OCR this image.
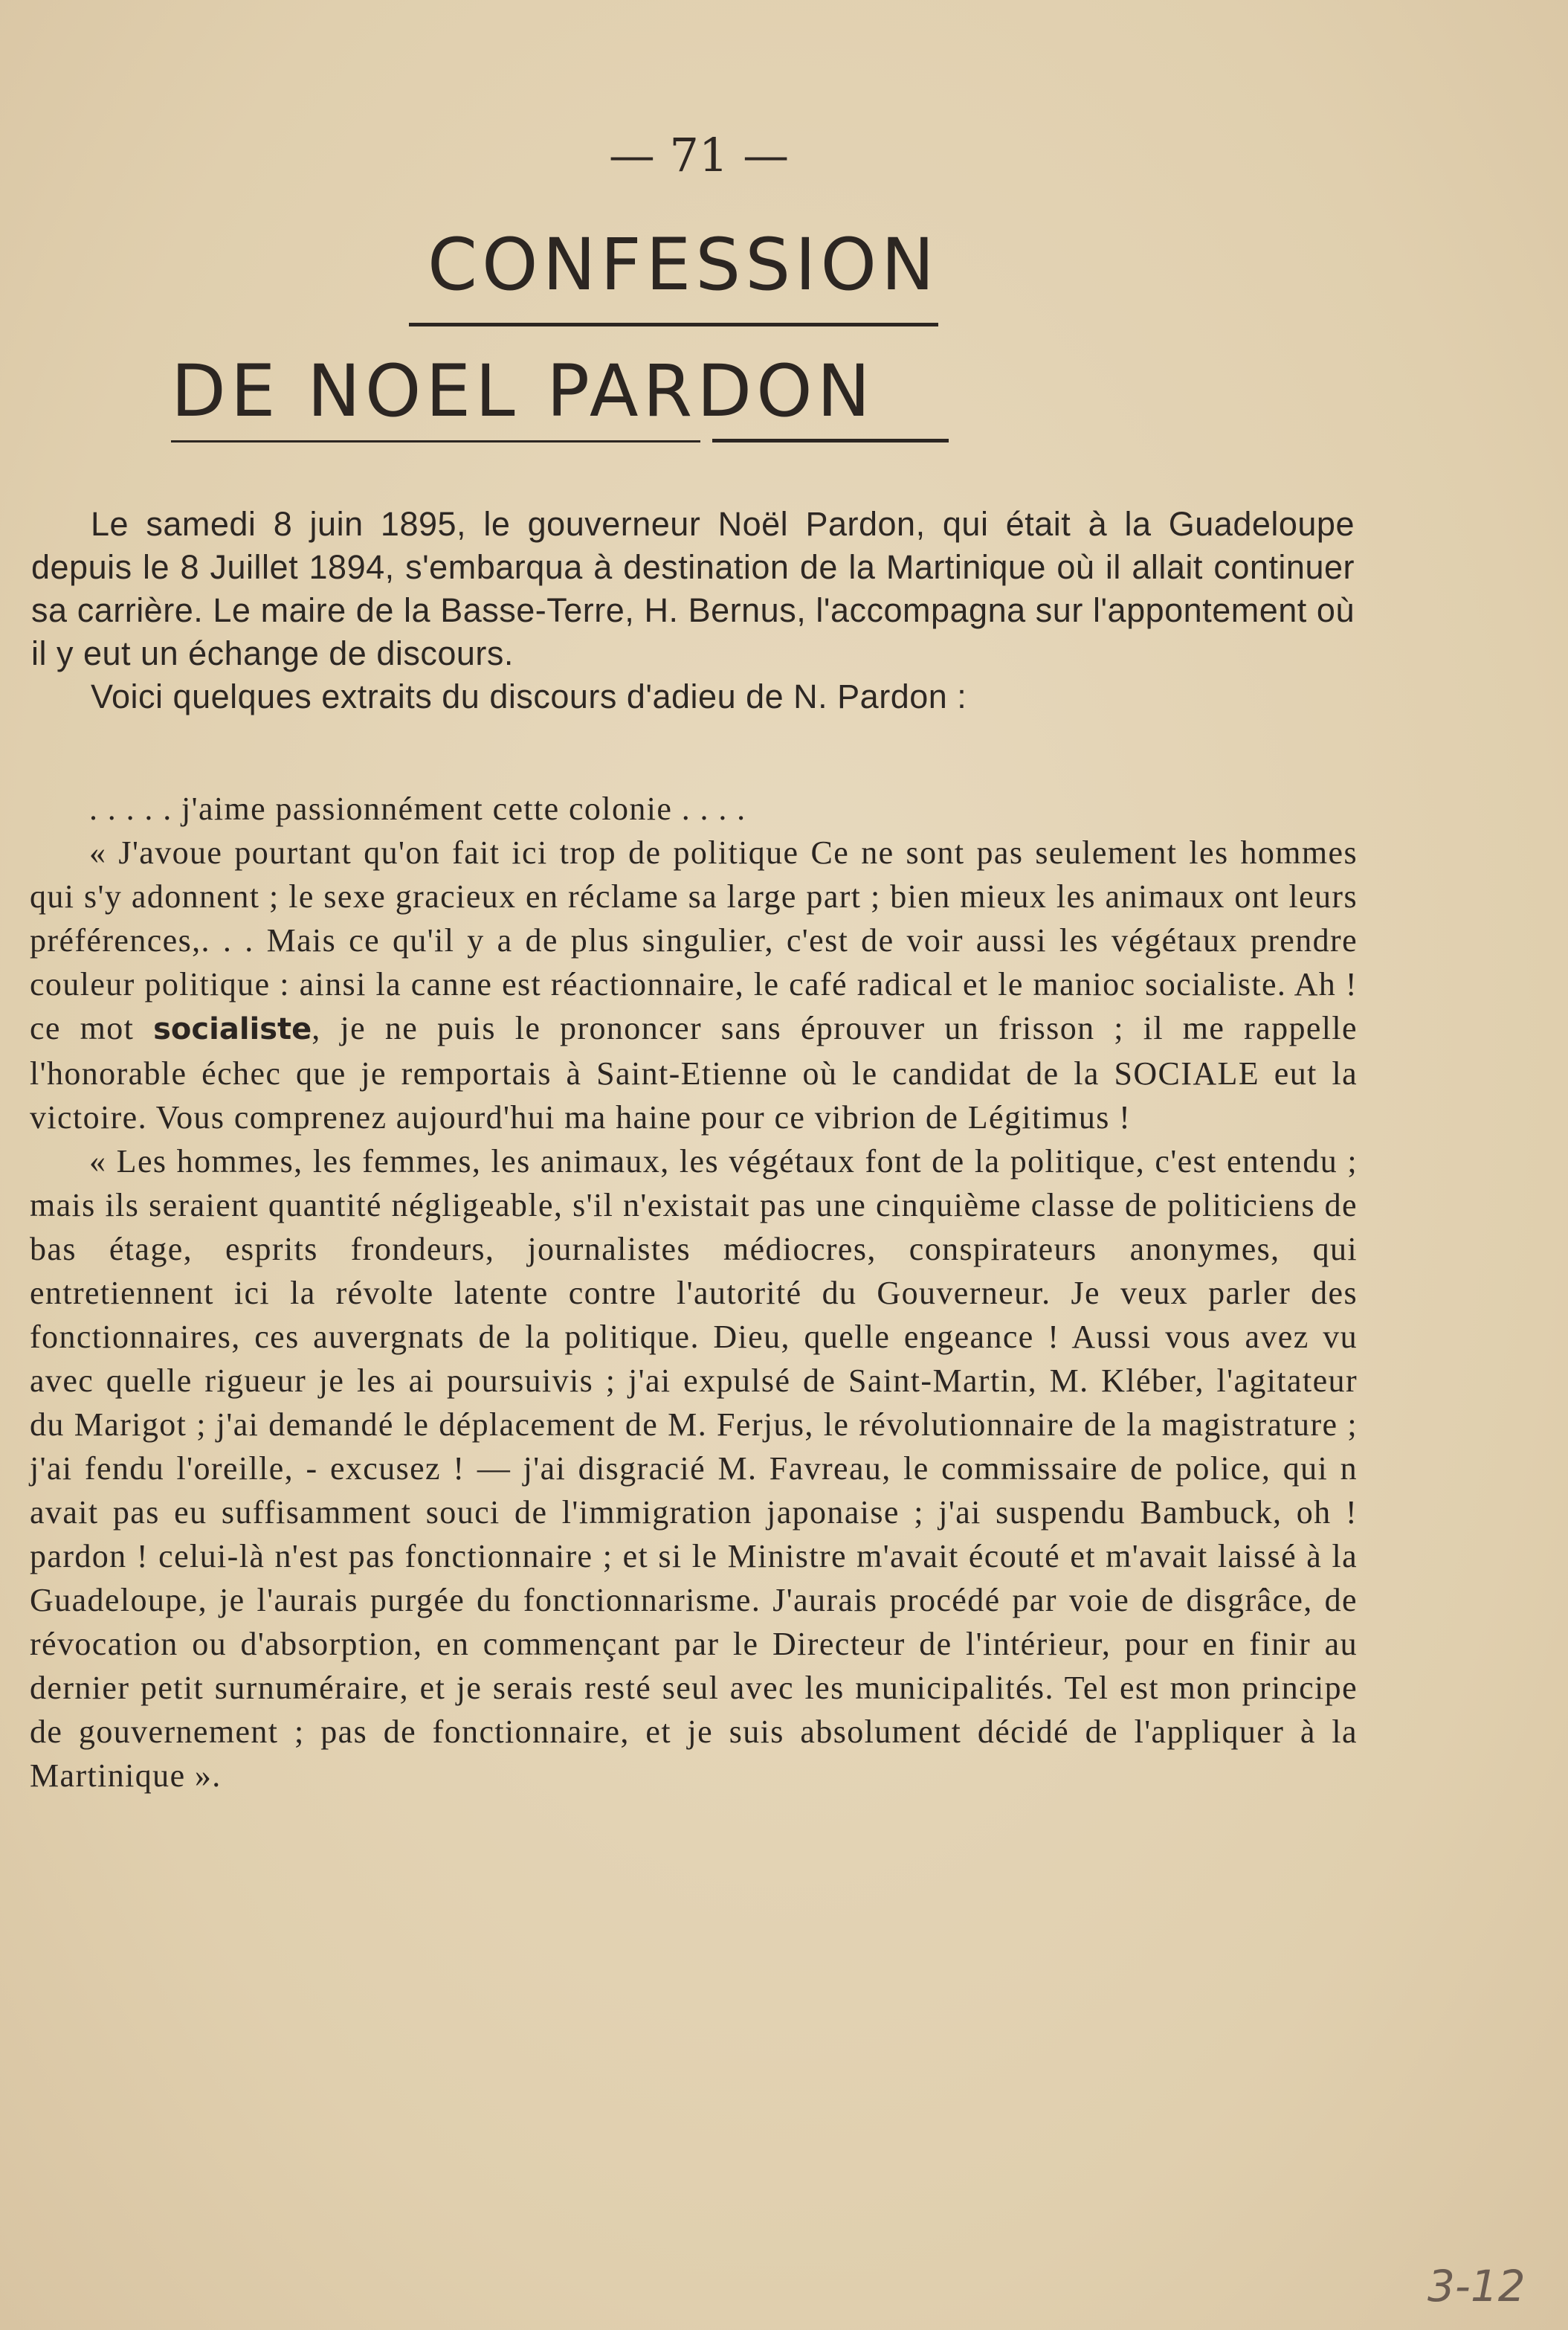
— 71 —
CONFESSION
DE NOEL PARDON

Le samedi 8 juin 1895, le gouverneur Noël Pardon, qui était à la Guadeloupe depuis le 8 Juillet 1894, s'embarqua à destination de la Martinique où il allait continuer sa carrière. Le maire de la Basse-Terre, H. Bernus, l'accompagna sur l'appontement où il y eut un échange de discours.

Voici quelques extraits du discours d'adieu de N. Pardon :

. . . . . j'aime passionnément cette colonie . . . .

« J'avoue pourtant qu'on fait ici trop de politique Ce ne sont pas seulement les hommes qui s'y adonnent ; le sexe gracieux en réclame sa large part ; bien mieux les animaux ont leurs préférences,. . . Mais ce qu'il y a de plus singulier, c'est de voir aussi les végétaux prendre couleur politique : ainsi la canne est réactionnaire, le café radical et le manioc socialiste. Ah ! ce mot socialiste, je ne puis le prononcer sans éprouver un frisson ; il me rappelle l'honorable échec que je remportais à Saint-Etienne où le candidat de la SOCIALE eut la victoire. Vous comprenez aujourd'hui ma haine pour ce vibrion de Légitimus !

« Les hommes, les femmes, les animaux, les végétaux font de la politique, c'est entendu ; mais ils seraient quantité négligeable, s'il n'existait pas une cinquième classe de politiciens de bas étage, esprits frondeurs, journalistes médiocres, conspirateurs anonymes, qui entretiennent ici la révolte latente contre l'autorité du Gouverneur. Je veux parler des fonctionnaires, ces auvergnats de la politique. Dieu, quelle engeance ! Aussi vous avez vu avec quelle rigueur je les ai poursuivis ; j'ai expulsé de Saint-Martin, M. Kléber, l'agitateur du Marigot ; j'ai demandé le déplacement de M. Ferjus, le révolutionnaire de la magistrature ; j'ai fendu l'oreille, - excusez ! — j'ai disgracié M. Favreau, le commissaire de police, qui n avait pas eu suffisamment souci de l'immigration japonaise ; j'ai suspendu Bambuck, oh ! pardon ! celui-là n'est pas fonctionnaire ; et si le Ministre m'avait écouté et m'avait laissé à la Guadeloupe, je l'aurais purgée du fonctionnarisme. J'aurais procédé par voie de disgrâce, de révocation ou d'absorption, en commençant par le Directeur de l'intérieur, pour en finir au dernier petit surnuméraire, et je serais resté seul avec les municipalités. Tel est mon principe de gouvernement ; pas de fonctionnaire, et je suis absolument décidé de l'appliquer à la Martinique ».

3-12
